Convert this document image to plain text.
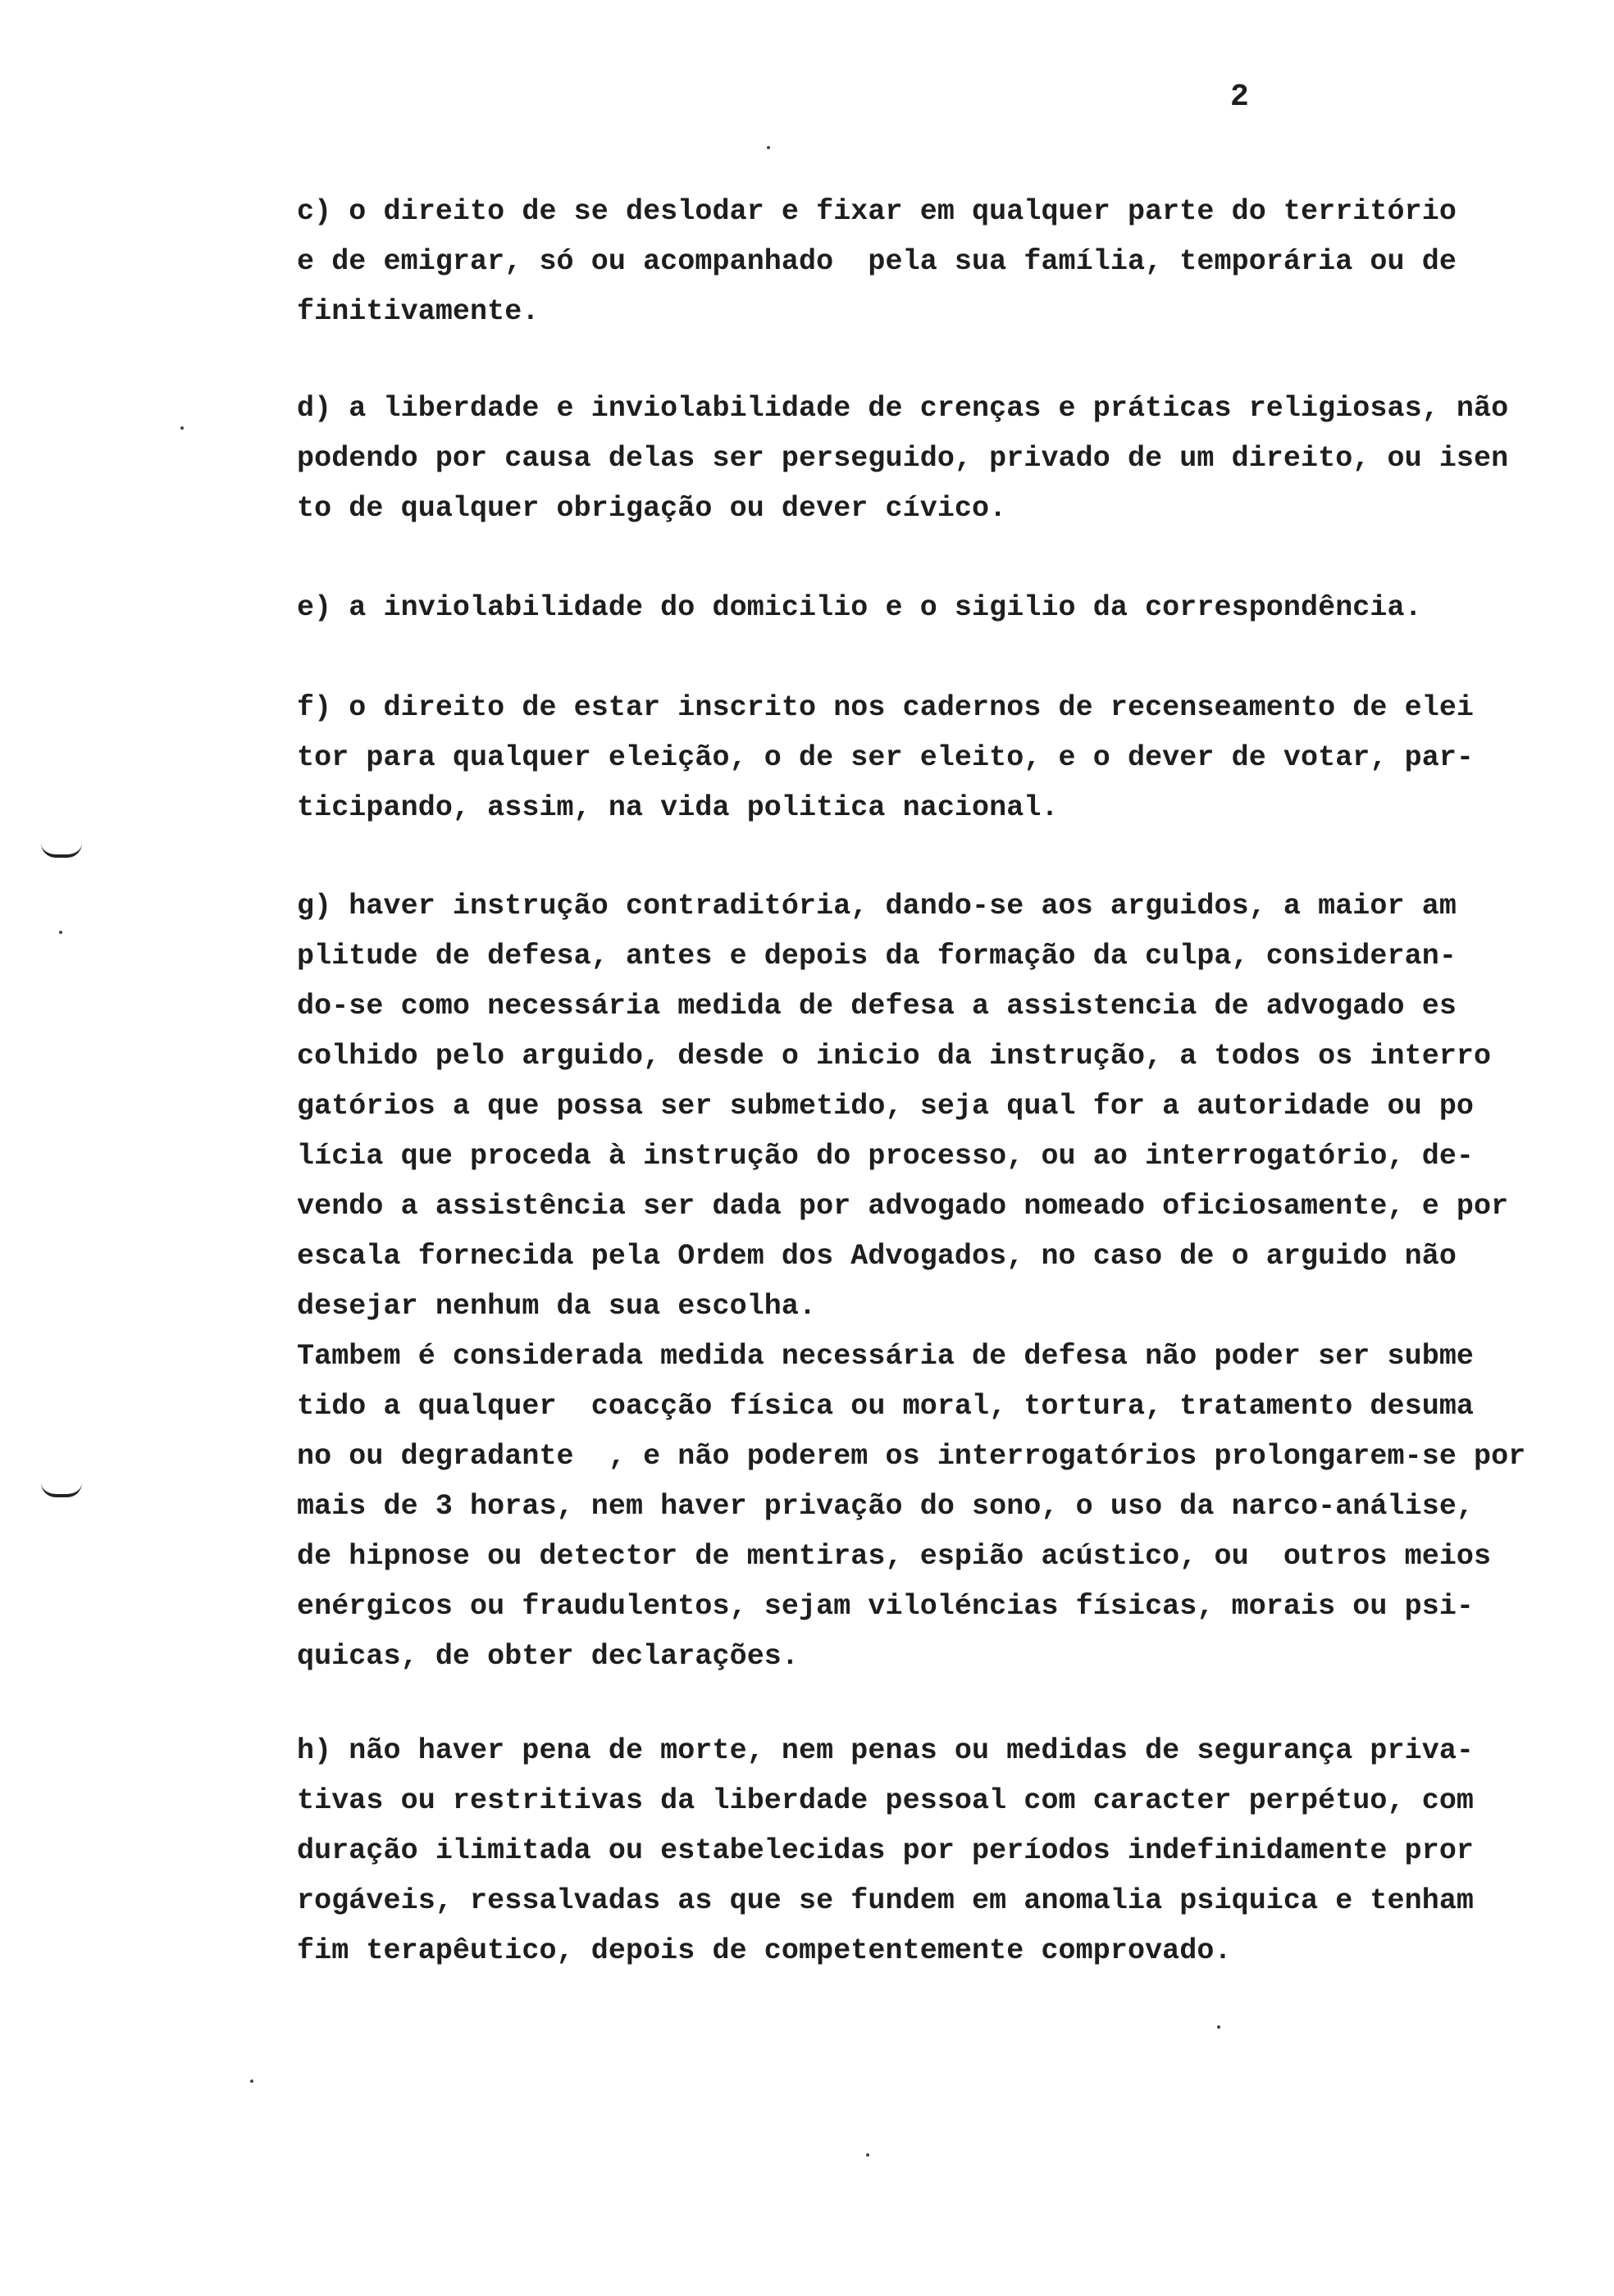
2
c) o direito de se deslodar e fixar em qualquer parte do território
e de emigrar, só ou acompanhado  pela sua família, temporária ou de
finitivamente.
d) a liberdade e inviolabilidade de crenças e práticas religiosas, não
podendo por causa delas ser perseguido, privado de um direito, ou isen
to de qualquer obrigação ou dever cívico.
e) a inviolabilidade do domicilio e o sigilio da correspondência.
f) o direito de estar inscrito nos cadernos de recenseamento de elei
tor para qualquer eleição, o de ser eleito, e o dever de votar, par-
ticipando, assim, na vida politica nacional.
g) haver instrução contraditória, dando-se aos arguidos, a maior am
plitude de defesa, antes e depois da formação da culpa, consideran-
do-se como necessária medida de defesa a assistencia de advogado es
colhido pelo arguido, desde o inicio da instrução, a todos os interro
gatórios a que possa ser submetido, seja qual for a autoridade ou po
lícia que proceda à instrução do processo, ou ao interrogatório, de-
vendo a assistência ser dada por advogado nomeado oficiosamente, e por
escala fornecida pela Ordem dos Advogados, no caso de o arguido não
desejar nenhum da sua escolha.
Tambem é considerada medida necessária de defesa não poder ser subme
tido a qualquer  coacção física ou moral, tortura, tratamento desuma
no ou degradante  , e não poderem os interrogatórios prolongarem-se por
mais de 3 horas, nem haver privação do sono, o uso da narco-análise,
de hipnose ou detector de mentiras, espião acústico, ou  outros meios
enérgicos ou fraudulentos, sejam viloléncias físicas, morais ou psi-
quicas, de obter declarações.
h) não haver pena de morte, nem penas ou medidas de segurança priva-
tivas ou restritivas da liberdade pessoal com caracter perpétuo, com
duração ilimitada ou estabelecidas por períodos indefinidamente pror
rogáveis, ressalvadas as que se fundem em anomalia psiquica e tenham
fim terapêutico, depois de competentemente comprovado.
